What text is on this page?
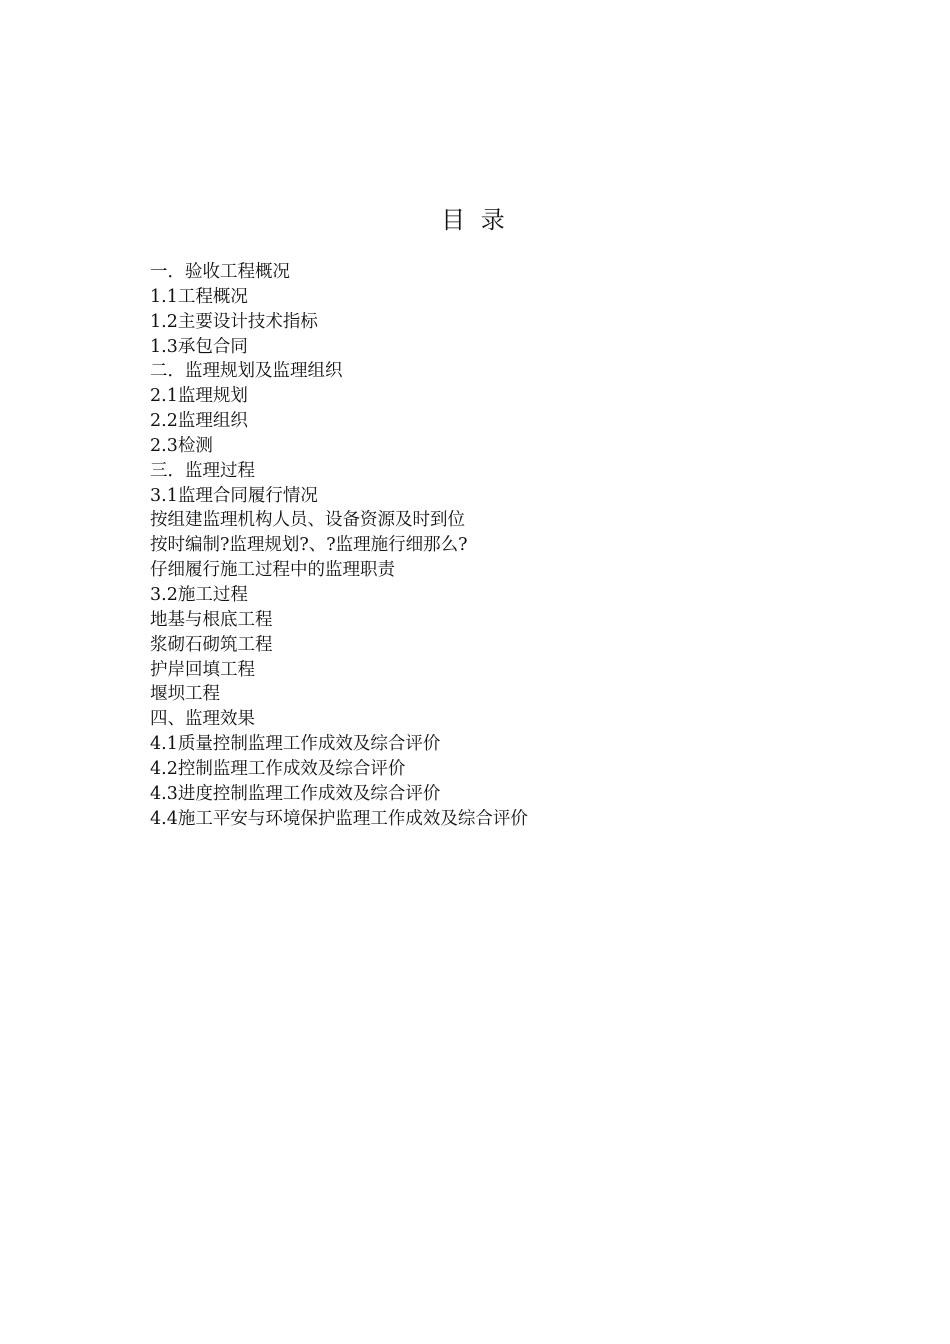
目 录
一．验收工程概况
1.1工程概况
1.2主要设计技术指标
1.3承包合同
二．监理规划及监理组织
2.1监理规划
2.2监理组织
2.3检测
三．监理过程
3.1监理合同履行情况
按组建监理机构人员、设备资源及时到位
按时编制?监理规划?、?监理施行细那么?
仔细履行施工过程中的监理职责
3.2施工过程
地基与根底工程
浆砌石砌筑工程
护岸回填工程
堰坝工程
四、监理效果
4.1质量控制监理工作成效及综合评价
4.2控制监理工作成效及综合评价
4.3进度控制监理工作成效及综合评价
4.4施工平安与环境保护监理工作成效及综合评价
